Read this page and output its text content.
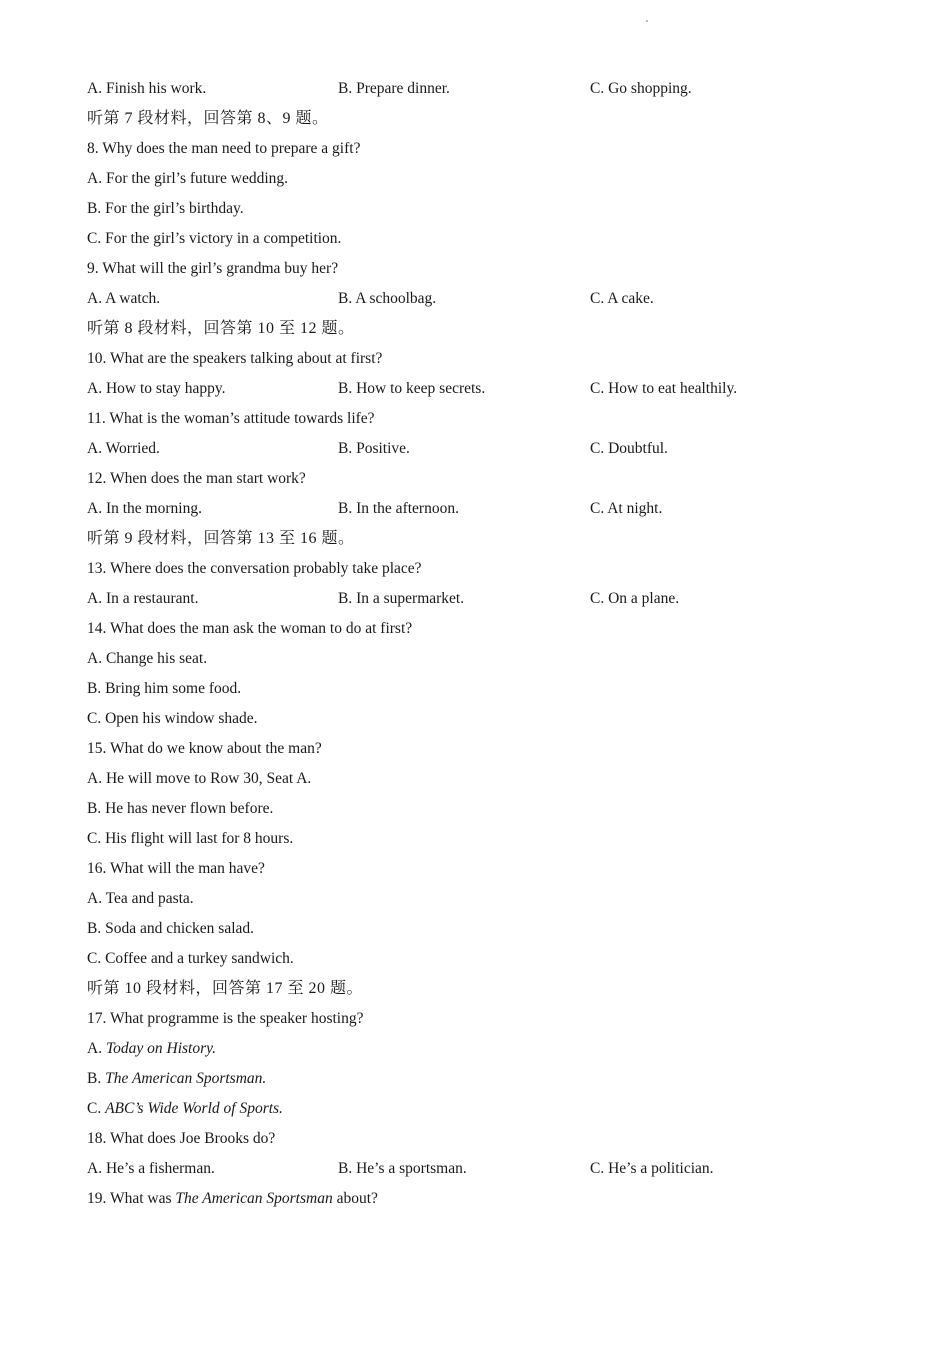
A. Finish his work.	B. Prepare dinner.	C. Go shopping.
听第 7 段材料，回答第 8、9 题。
8. Why does the man need to prepare a gift?
A. For the girl’s future wedding.
B. For the girl’s birthday.
C. For the girl’s victory in a competition.
9. What will the girl’s grandma buy her?
A. A watch.	B. A schoolbag.	C. A cake.
听第 8 段材料，回答第 10 至 12 题。
10. What are the speakers talking about at first?
A. How to stay happy.	B. How to keep secrets.	C. How to eat healthily.
11. What is the woman’s attitude towards life?
A. Worried.	B. Positive.	C. Doubtful.
12. When does the man start work?
A. In the morning.	B. In the afternoon.	C. At night.
听第 9 段材料，回答第 13 至 16 题。
13. Where does the conversation probably take place?
A. In a restaurant.	B. In a supermarket.	C. On a plane.
14. What does the man ask the woman to do at first?
A. Change his seat.
B. Bring him some food.
C. Open his window shade.
15. What do we know about the man?
A. He will move to Row 30, Seat A.
B. He has never flown before.
C. His flight will last for 8 hours.
16. What will the man have?
A. Tea and pasta.
B. Soda and chicken salad.
C. Coffee and a turkey sandwich.
听第 10 段材料，回答第 17 至 20 题。
17. What programme is the speaker hosting?
A. Today on History.
B. The American Sportsman.
C. ABC’s Wide World of Sports.
18. What does Joe Brooks do?
A. He’s a fisherman.	B. He’s a sportsman.	C. He’s a politician.
19. What was The American Sportsman about?
